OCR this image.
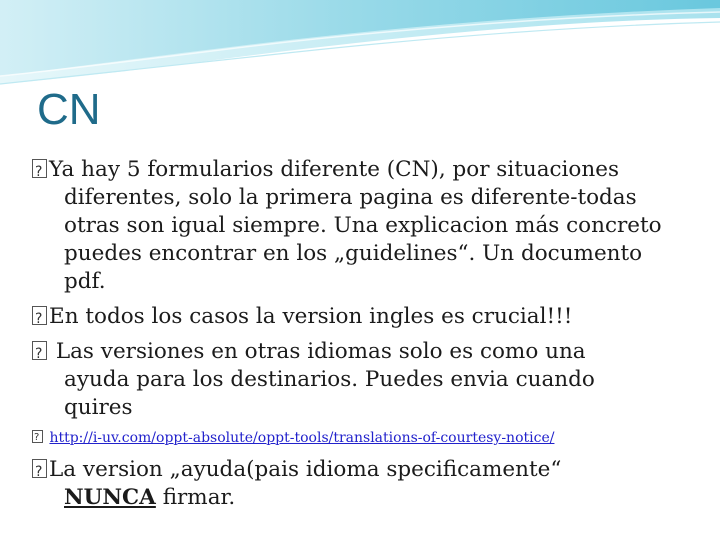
CN
?Ya hay 5 formularios diferente (CN), por situaciones
diferentes, solo la primera pagina es diferente-todas
otras son igual siempre. Una explicacion más concreto
puedes encontrar en los „guidelines“. Un documento
pdf.
?En todos los casos la version ingles es crucial!!!
? Las versiones en otras idiomas solo es como una
ayuda para los destinarios. Puedes envia cuando
quires
? http://i-uv.com/oppt-absolute/oppt-tools/translations-of-courtesy-notice/
?La version „ayuda(pais idioma specificamente“
NUNCA firmar.
